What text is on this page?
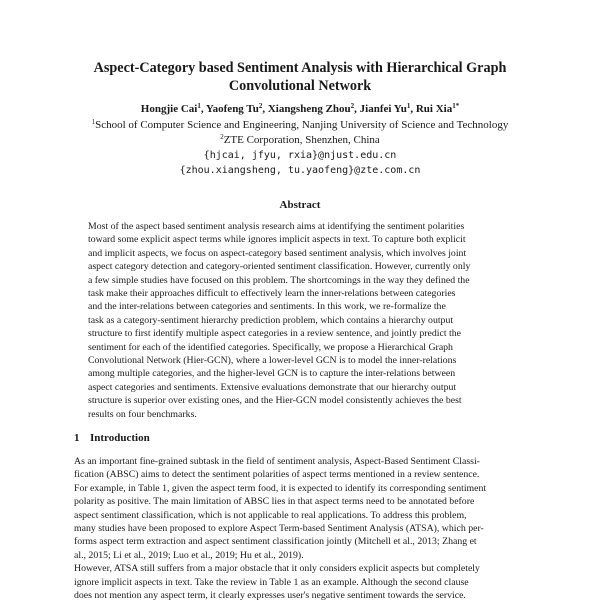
Aspect-Category based Sentiment Analysis with Hierarchical Graph
Convolutional Network
Hongjie Cai$^1$, Yaofeng Tu$^2$, Xiangsheng Zhou$^2$, Jianfei Yu$^1$, Rui Xia$^{1*}$
$^1$School of Computer Science and Engineering, Nanjing University of Science and Technology
$^2$ZTE Corporation, Shenzhen, China
{hjcai, jfyu, rxia}@njust.edu.cn
{zhou.xiangsheng, tu.yaofeng}@zte.com.cn
Abstract
Most of the aspect based sentiment analysis research aims at identifying the sentiment polarities
toward some explicit aspect terms while ignores implicit aspects in text. To capture both explicit
and implicit aspects, we focus on aspect-category based sentiment analysis, which involves joint
aspect category detection and category-oriented sentiment classification. However, currently only
a few simple studies have focused on this problem. The shortcomings in the way they defined the
task make their approaches difficult to effectively learn the inner-relations between categories
and the inter-relations between categories and sentiments. In this work, we re-formalize the
task as a category-sentiment hierarchy prediction problem, which contains a hierarchy output
structure to first identify multiple aspect categories in a review sentence, and jointly predict the
sentiment for each of the identified categories. Specifically, we propose a Hierarchical Graph
Convolutional Network (Hier-GCN), where a lower-level GCN is to model the inner-relations
among multiple categories, and the higher-level GCN is to capture the inter-relations between
aspect categories and sentiments. Extensive evaluations demonstrate that our hierarchy output
structure is superior over existing ones, and the Hier-GCN model consistently achieves the best
results on four benchmarks.
1 Introduction
As an important fine-grained subtask in the field of sentiment analysis, Aspect-Based Sentiment Classi-
fication (ABSC) aims to detect the sentiment polarities of aspect terms mentioned in a review sentence.
For example, in Table 1, given the aspect term food, it is expected to identify its corresponding sentiment
polarity as positive. The main limitation of ABSC lies in that aspect terms need to be annotated before
aspect sentiment classification, which is not applicable to real applications. To address this problem,
many studies have been proposed to explore Aspect Term-based Sentiment Analysis (ATSA), which per-
forms aspect term extraction and aspect sentiment classification jointly (Mitchell et al., 2013; Zhang et
al., 2015; Li et al., 2019; Luo et al., 2019; Hu et al., 2019).
However, ATSA still suffers from a major obstacle that it only considers explicit aspects but completely
ignore implicit aspects in text. Take the review in Table 1 as an example. Although the second clause
does not mention any aspect term, it clearly expresses user's negative sentiment towards the service.
